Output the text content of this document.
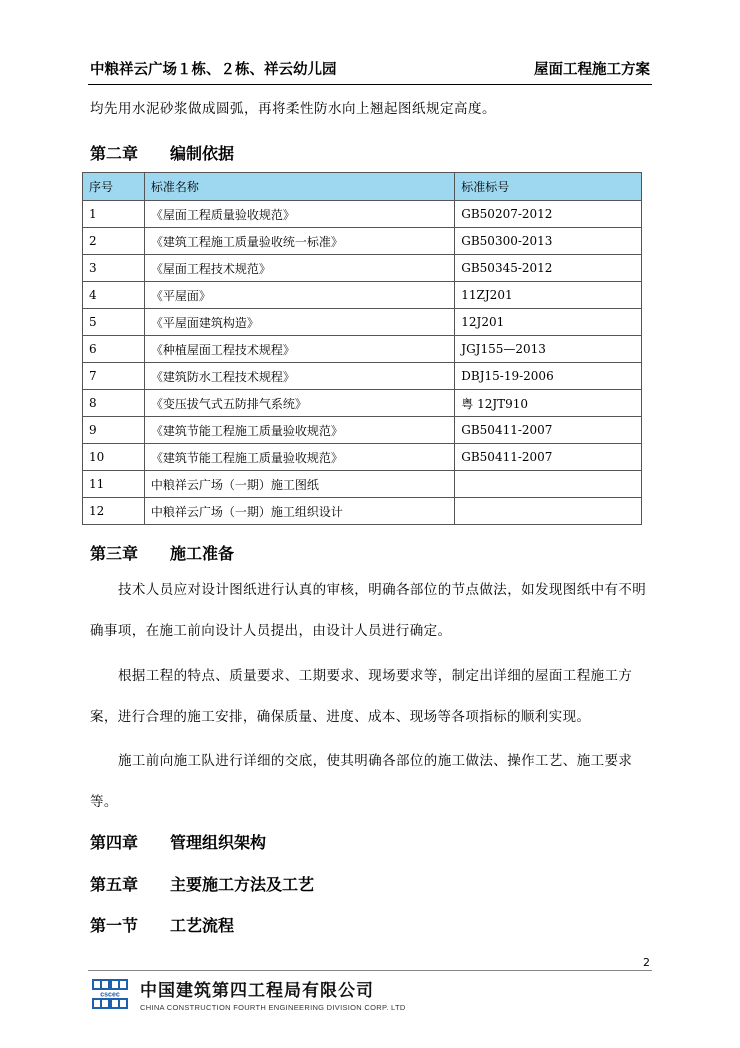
中粮祥云广场１栋、２栋、祥云幼儿园	屋面工程施工方案
均先用水泥砂浆做成圆弧，再将柔性防水向上翘起图纸规定高度。
第二章	编制依据
序号	标准名称	标准标号
1	《屋面工程质量验收规范》	GB50207-2012
2	《建筑工程施工质量验收统一标准》	GB50300-2013
3	《屋面工程技术规范》	GB50345-2012
4	《平屋面》	11ZJ201
5	《平屋面建筑构造》	12J201
6	《种植屋面工程技术规程》	JGJ155—2013
7	《建筑防水工程技术规程》	DBJ15-19-2006
8	《变压拔气式五防排气系统》	粤 12JT910
9	《建筑节能工程施工质量验收规范》	GB50411-2007
10	《建筑节能工程施工质量验收规范》	GB50411-2007
11	中粮祥云广场（一期）施工图纸	
12	中粮祥云广场（一期）施工组织设计	
第三章	施工准备
技术人员应对设计图纸进行认真的审核，明确各部位的节点做法，如发现图纸中有不明确事项，在施工前向设计人员提出，由设计人员进行确定。
根据工程的特点、质量要求、工期要求、现场要求等，制定出详细的屋面工程施工方案，进行合理的施工安排，确保质量、进度、成本、现场等各项指标的顺利实现。
施工前向施工队进行详细的交底，使其明确各部位的施工做法、操作工艺、施工要求等。
第四章	管理组织架构
第五章	主要施工方法及工艺
第一节	工艺流程
2
cscec 中国建筑第四工程局有限公司
CHINA CONSTRUCTION FOURTH ENGINEERING DIVISION CORP. LTD
